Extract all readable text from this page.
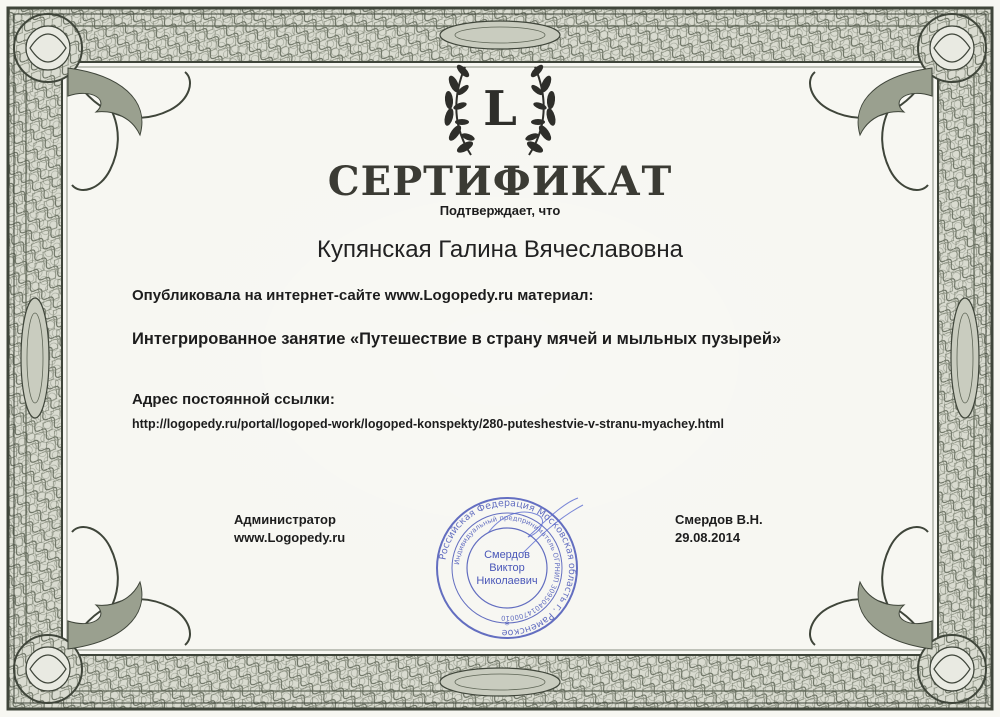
L
СЕРТИФИКАТ
Подтверждает, что
Купянская Галина Вячеславовна
Опубликовала на интернет-сайте www.Logopedy.ru материал:
Интегрированное занятие «Путешествие в страну мячей и мыльных пузырей»
Адрес постоянной ссылки:
http://logopedy.ru/portal/logoped-work/logoped-konspekty/280-puteshestvie-v-stranu-myachey.html
Администратор
www.Logopedy.ru
Смердов В.Н.
29.08.2014
Российская Федерация Московская область г. Раменское
Индивидуальный предприниматель ОГРНИП 309504014700010
Смердов
Виктор
Николаевич
*
